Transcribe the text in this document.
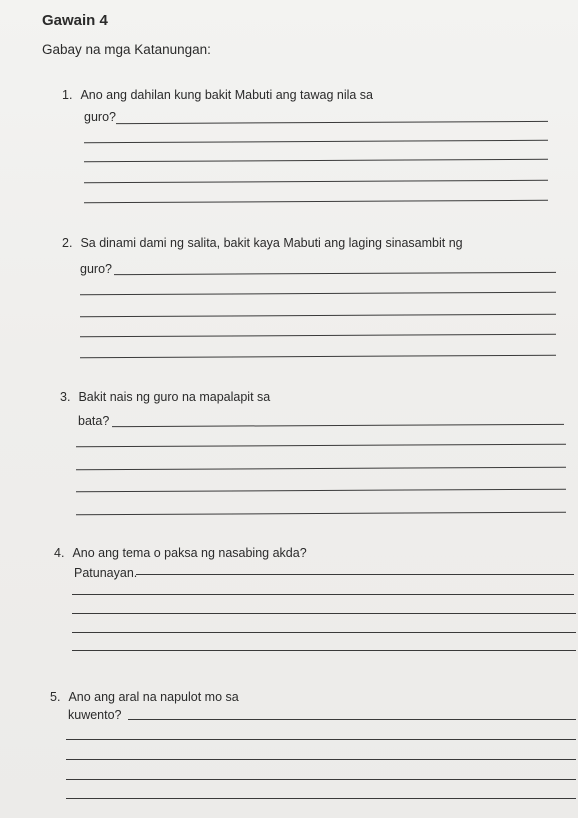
Gawain 4
Gabay na mga Katanungan:
1. Ano ang dahilan kung bakit Mabuti ang tawag nila sa
guro?
2. Sa dinami dami ng salita, bakit kaya Mabuti ang laging sinasambit ng
guro?
3. Bakit nais ng guro na mapalapit sa
bata?
4. Ano ang tema o paksa ng nasabing akda?
Patunayan.
5. Ano ang aral na napulot mo sa
kuwento?
